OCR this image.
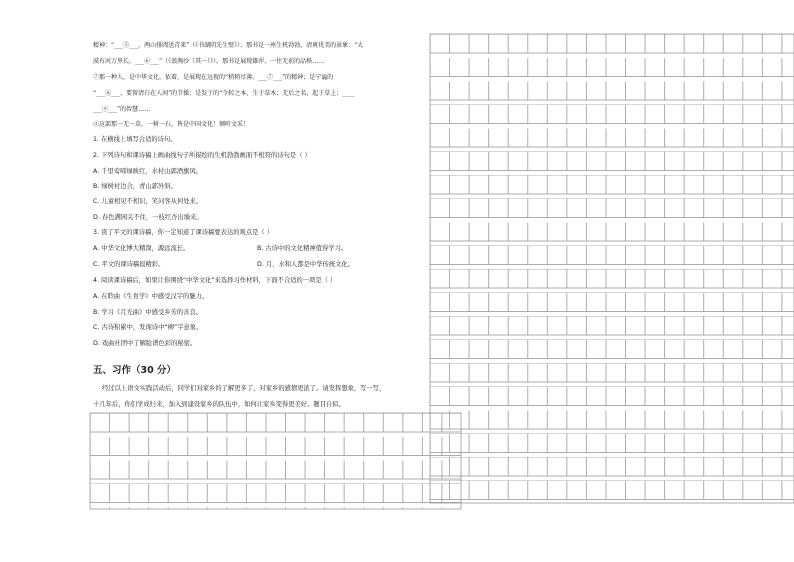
精神：“___⑤___，两山排闼送青来”（《书湖阴先生壁》）；那书是一座生机勃勃、清爽优美的景象：“大
漠有河万里长，___⑥___”（《浪淘沙（其一）》）。那书是展现雄浑、一往无前的品格……
⑦那一种人，是中华文化。依着，是展现在远视的“稍稍尽薄，___⑦___”的精神；是宁谧的
“___⑧___，要留清白在人间”的节操；是发于的“令转之本，生于草木；无后之名，起于草上；____
___⑨___”的智慧……
④这部那一无一草，一树一石，皆是中国文化！倾听文采！
1. 在横线上填写合适的诗句。
2. 下列诗句和课诗稿上画曲线句子所描绘的生机勃勃画面不相符的诗句是（ ）
A. 千里莺啼绿映红，水村山郭酒旗风。
B. 绿树村边合，青山郭外斜。
C. 儿童相见不相识，笑问客从何处来。
D. 春色满园关不住，一枝红杏出墙来。
3. 读了平文的课诗稿，你一定知道了课诗稿要表达的观点是（ ）
A. 中华文化博大精深，源远流长。	B. 古诗中的文化精神值得学习。
C. 平文的课诗稿很精彩。	D. 月、水和人都是中华传统文化。
4. 阅读课诗稿后，如果让你围绕“中华文化”来选择习作材料，下面不合适的一项是（ ）
A. 在聆曲《生育学》中感受汉字的魅力。
B. 学习《月光曲》中感受乡芳的善良。
C. 古诗积累中，发现诗中“柳”字意象。
D. 戏曲社团中了解脸谱色彩的秘密。
五、习作（30 分）
经过以上语文实践活动后，同学们对家乡的了解更多了，对家乡的感情更浓了。请发挥想象，写一写，
十几年后，你们学成归来，加入到建设家乡的队伍中，如何让家乡变得更美好。题目自拟。
